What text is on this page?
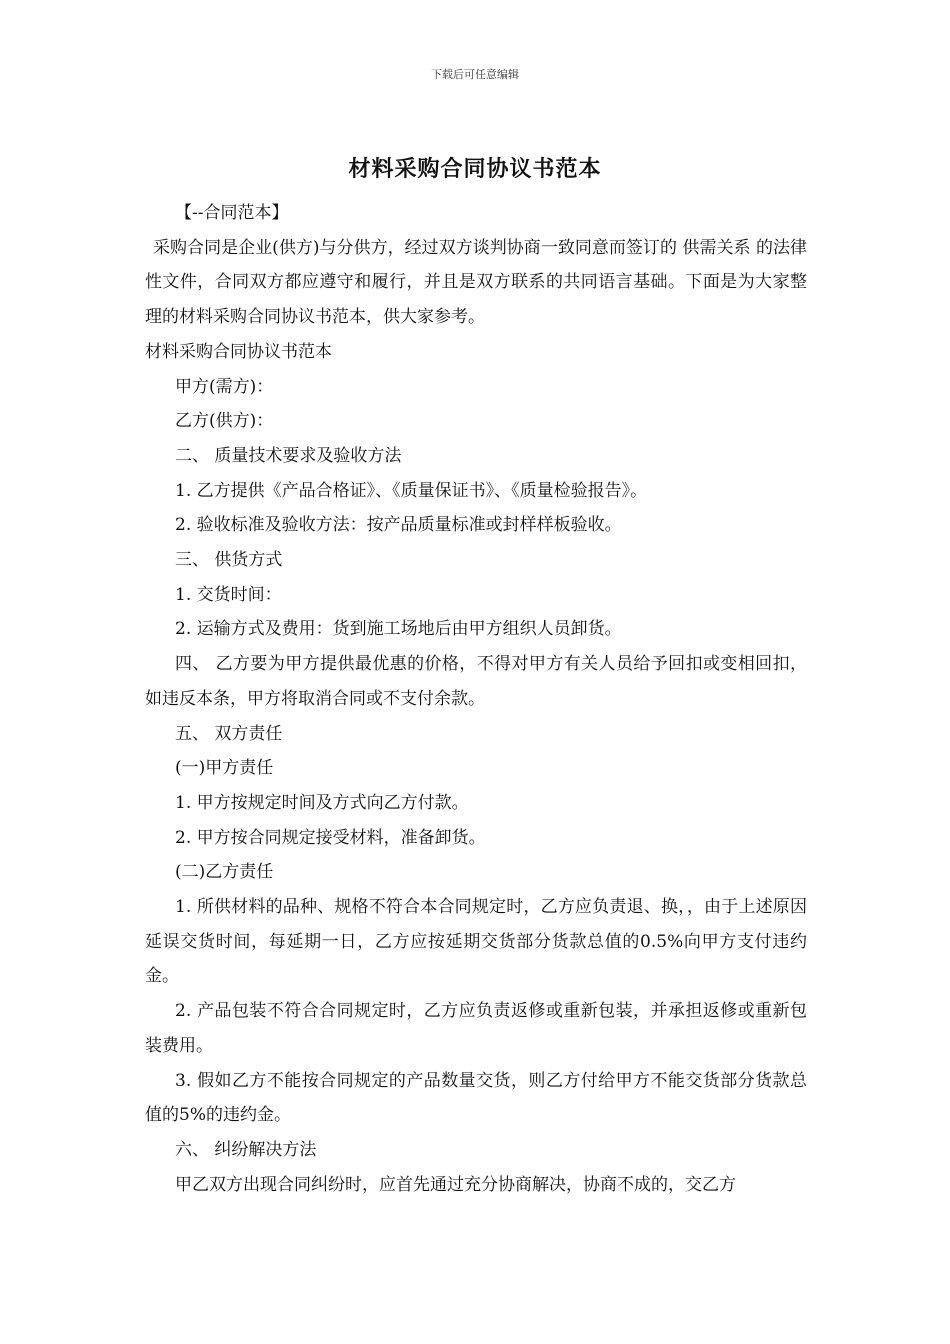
下载后可任意编辑
材料采购合同协议书范本

【--合同范本】

采购合同是企业(供方)与分供方，经过双方谈判协商一致同意而签订的 供需关系 的法律性文件，合同双方都应遵守和履行，并且是双方联系的共同语言基础。下面是为大家整理的材料采购合同协议书范本，供大家参考。

材料采购合同协议书范本

甲方(需方)：

乙方(供方)：

二、 质量技术要求及验收方法

1. 乙方提供《产品合格证》、《质量保证书》、《质量检验报告》。

2. 验收标准及验收方法：按产品质量标准或封样样板验收。

三、 供货方式

1. 交货时间：

2. 运输方式及费用：货到施工场地后由甲方组织人员卸货。

四、 乙方要为甲方提供最优惠的价格，不得对甲方有关人员给予回扣或变相回扣，如违反本条，甲方将取消合同或不支付余款。

五、 双方责任

(一)甲方责任

1. 甲方按规定时间及方式向乙方付款。

2. 甲方按合同规定接受材料，准备卸货。

(二)乙方责任

1. 所供材料的品种、规格不符合本合同规定时，乙方应负责退、换，，由于上述原因延误交货时间，每延期一日，乙方应按延期交货部分货款总值的0.5%向甲方支付违约金。

2. 产品包装不符合合同规定时，乙方应负责返修或重新包装，并承担返修或重新包装费用。

3. 假如乙方不能按合同规定的产品数量交货，则乙方付给甲方不能交货部分货款总值的5%的违约金。

六、 纠纷解决方法

甲乙双方出现合同纠纷时，应首先通过充分协商解决，协商不成的，交乙方
